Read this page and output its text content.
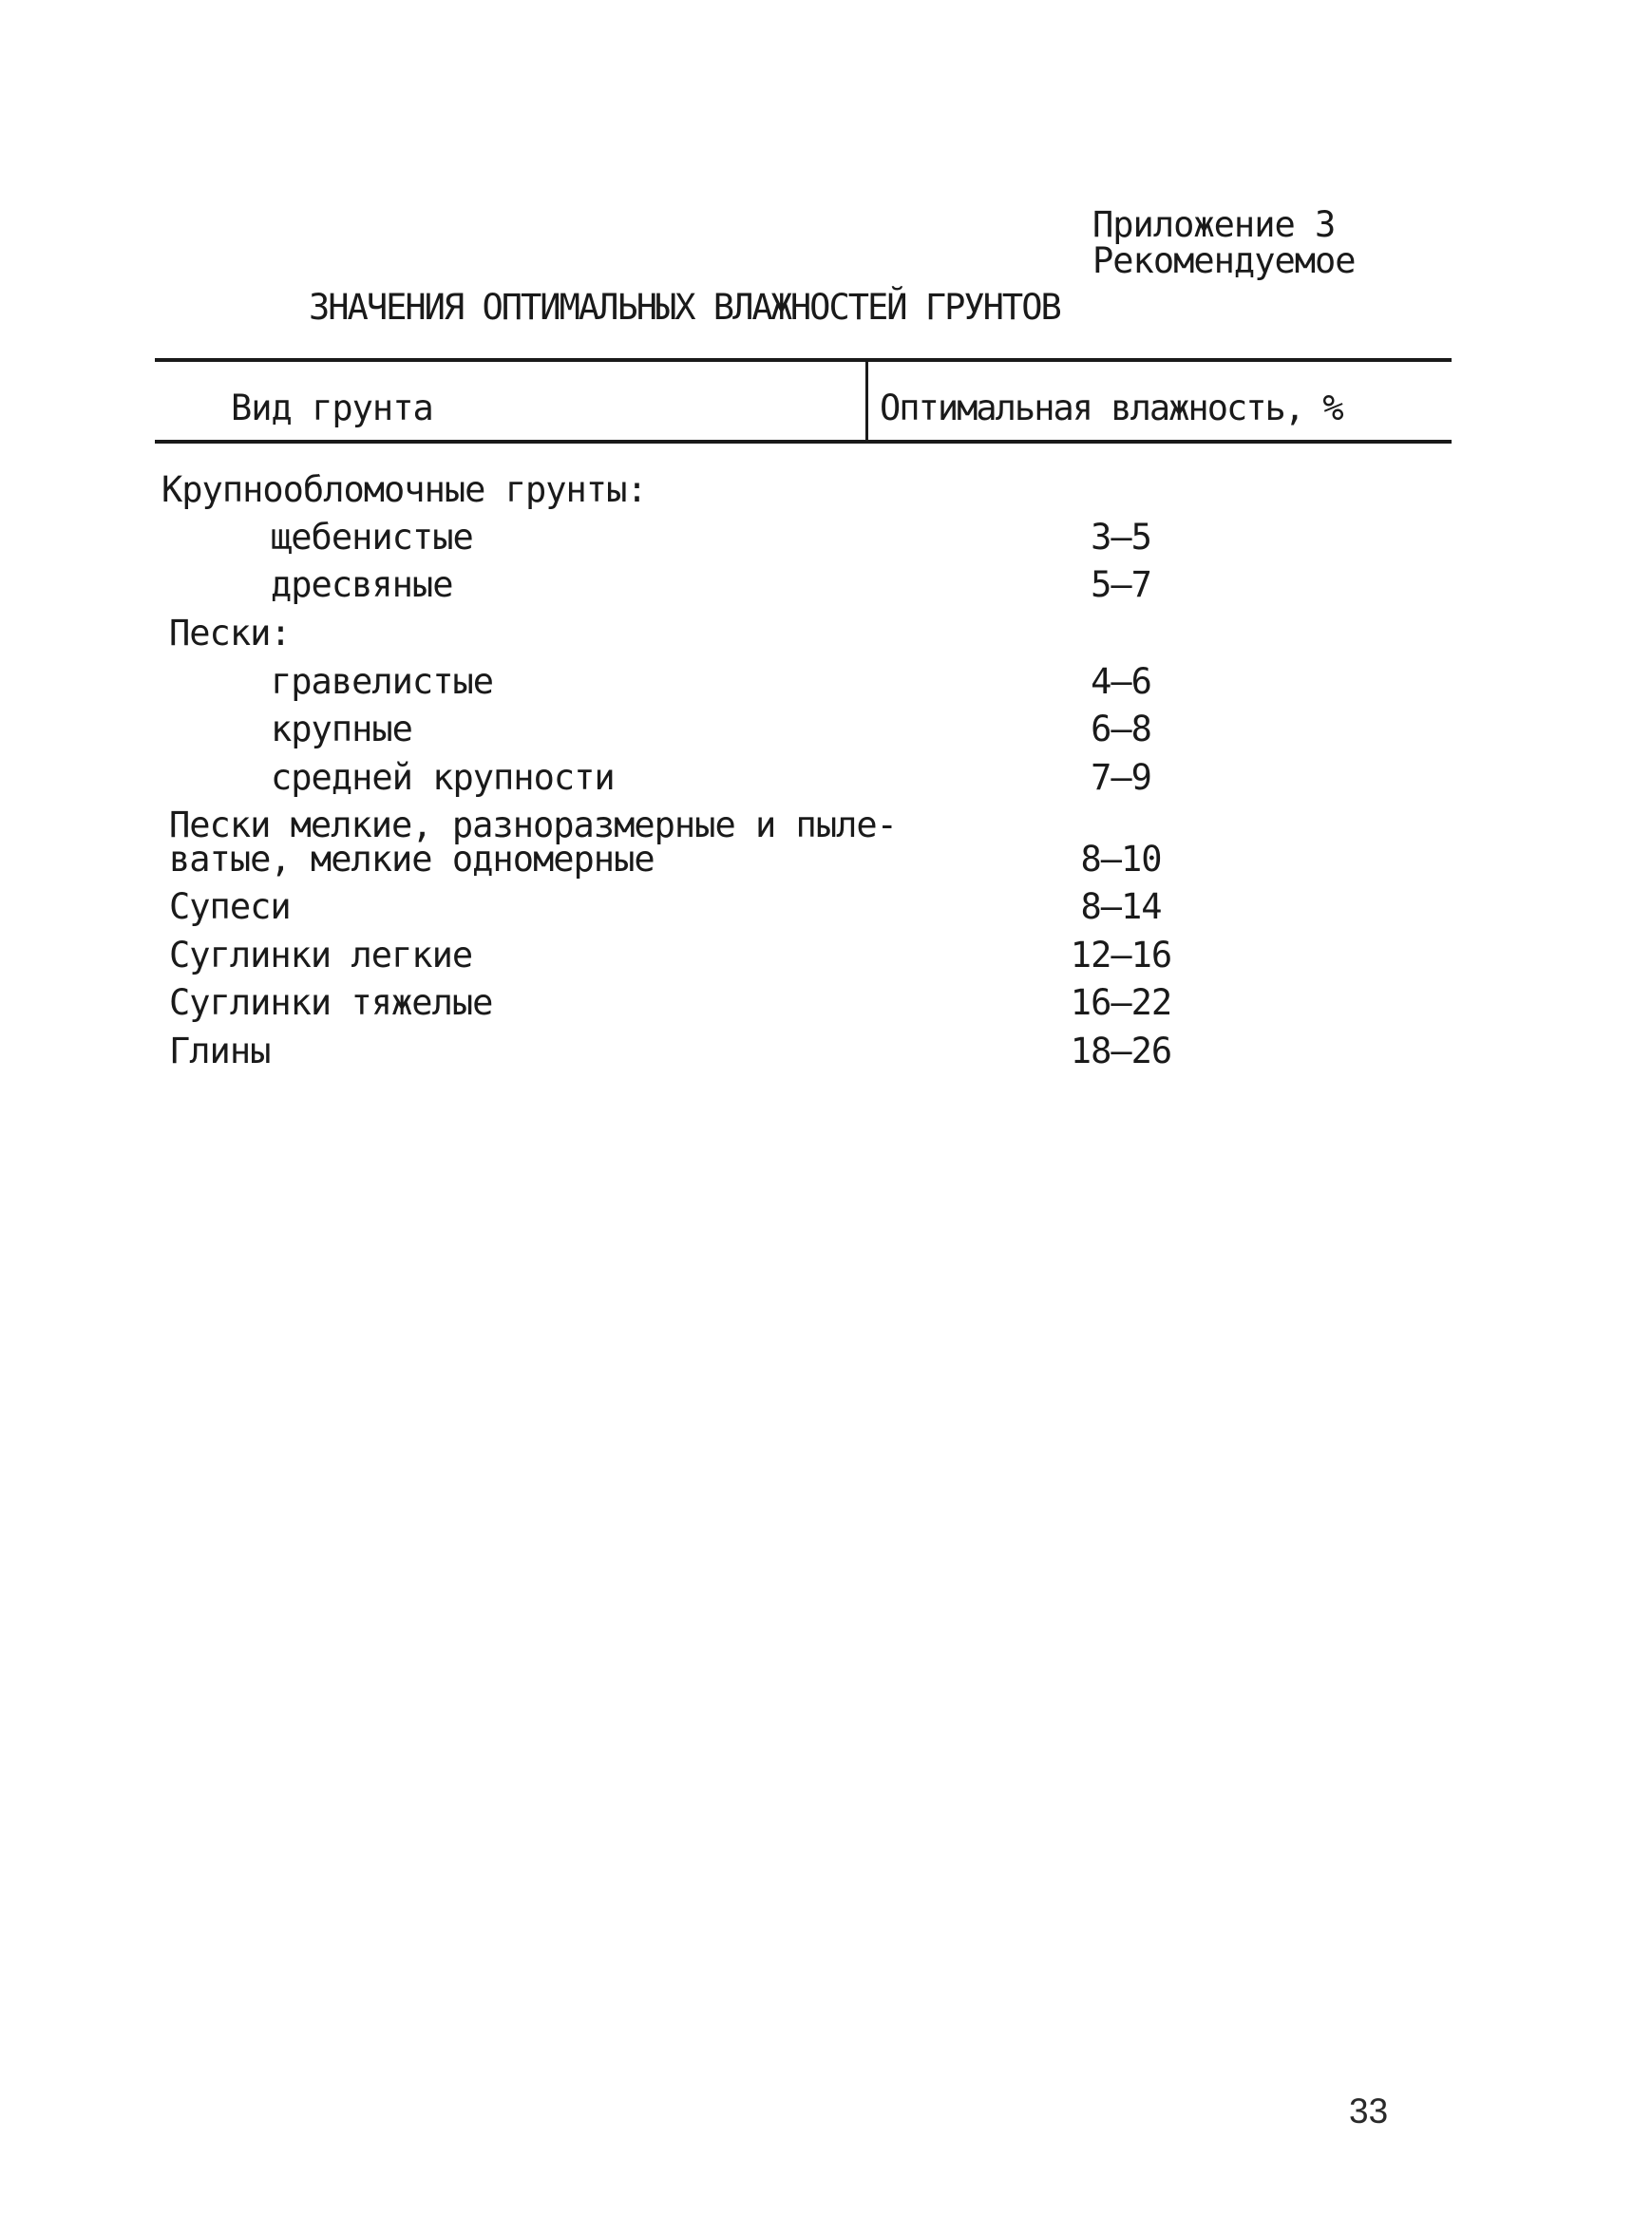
Приложение 3
Рекомендуемое
ЗНАЧЕНИЯ ОПТИМАЛЬНЫХ ВЛАЖНОСТЕЙ ГРУНТОВ
Вид грунта	Оптимальная влажность, %
Крупнообломочные грунты:
щебенистые	3–5
дресвяные	5–7
Пески:
гравелистые	4–6
крупные	6–8
средней крупности	7–9
Пески мелкие, разноразмерные и пыле-
ватые, мелкие одномерные	8–10
Супеси	8–14
Суглинки легкие	12–16
Суглинки тяжелые	16–22
Глины	18–26
33
